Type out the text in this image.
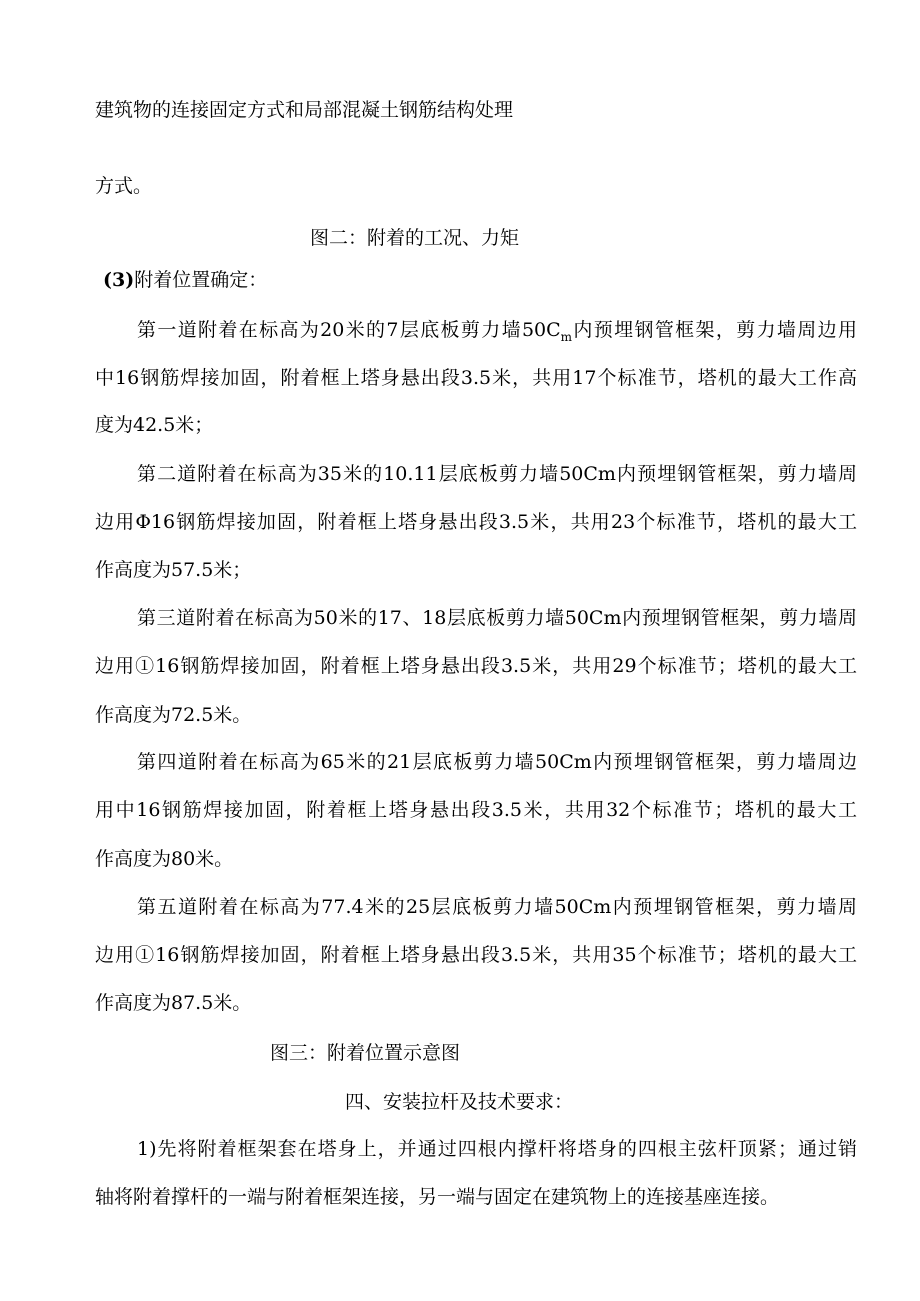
建筑物的连接固定方式和局部混凝土钢筋结构处理
方式。
图二：附着的工况、力矩
(3)附着位置确定：
第一道附着在标高为20米的7层底板剪力墙$50C_m$内预埋钢管框架，剪力墙周边用
中16钢筋焊接加固，附着框上塔身悬出段3.5米，共用17个标准节，塔机的最大工作高
度为42.5米；
第二道附着在标高为35米的10.11层底板剪力墙50Cm内预埋钢管框架，剪力墙周
边用Φ16钢筋焊接加固，附着框上塔身悬出段3.5米，共用23个标准节，塔机的最大工
作高度为57.5米；
第三道附着在标高为50米的17、18层底板剪力墙50Cm内预埋钢管框架，剪力墙周
边用①16钢筋焊接加固，附着框上塔身悬出段3.5米，共用29个标准节；塔机的最大工
作高度为72.5米。
第四道附着在标高为65米的21层底板剪力墙50Cm内预埋钢管框架，剪力墙周边
用中16钢筋焊接加固，附着框上塔身悬出段3.5米，共用32个标准节；塔机的最大工
作高度为80米。
第五道附着在标高为77.4米的25层底板剪力墙50Cm内预埋钢管框架，剪力墙周
边用①16钢筋焊接加固，附着框上塔身悬出段3.5米，共用35个标准节；塔机的最大工
作高度为87.5米。
图三：附着位置示意图
四、安装拉杆及技术要求：
1)先将附着框架套在塔身上，并通过四根内撑杆将塔身的四根主弦杆顶紧；通过销
轴将附着撑杆的一端与附着框架连接，另一端与固定在建筑物上的连接基座连接。
